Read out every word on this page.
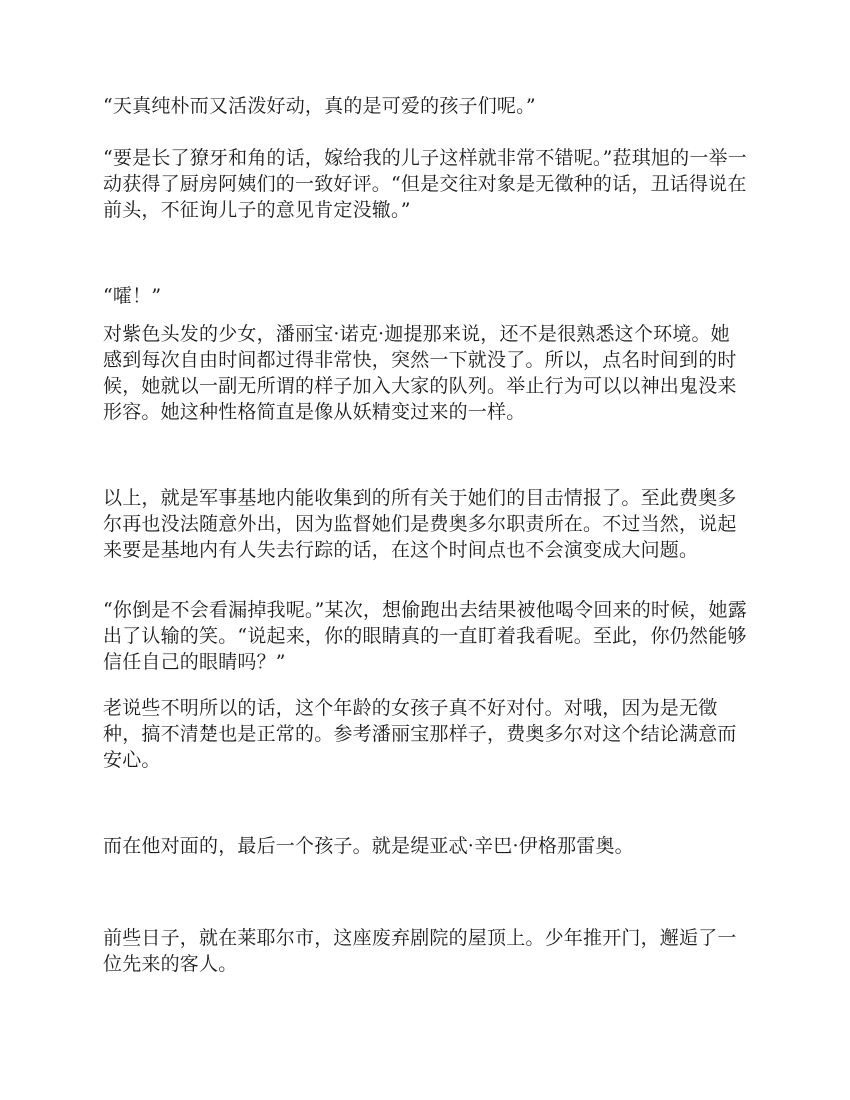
“天真纯朴而又活泼好动，真的是可爱的孩子们呢。”

“要是长了獠牙和角的话，嫁给我的儿子这样就非常不错呢。”菈琪旭的一举一动获得了厨房阿姨们的一致好评。“但是交往对象是无徵种的话，丑话得说在前头，不征询儿子的意见肯定没辙。”

“嚯！”

对紫色头发的少女，潘丽宝·诺克·迦提那来说，还不是很熟悉这个环境。她感到每次自由时间都过得非常快，突然一下就没了。所以，点名时间到的时候，她就以一副无所谓的样子加入大家的队列。举止行为可以以神出鬼没来形容。她这种性格简直是像从妖精变过来的一样。

以上，就是军事基地内能收集到的所有关于她们的目击情报了。至此费奥多尔再也没法随意外出，因为监督她们是费奥多尔职责所在。不过当然，说起来要是基地内有人失去行踪的话，在这个时间点也不会演变成大问题。

“你倒是不会看漏掉我呢。”某次，想偷跑出去结果被他喝令回来的时候，她露出了认输的笑。“说起来，你的眼睛真的一直盯着我看呢。至此，你仍然能够信任自己的眼睛吗？”

老说些不明所以的话，这个年龄的女孩子真不好对付。对哦，因为是无徵种，搞不清楚也是正常的。参考潘丽宝那样子，费奥多尔对这个结论满意而安心。

而在他对面的，最后一个孩子。就是缇亚忒·辛巴·伊格那雷奥。

前些日子，就在莱耶尔市，这座废弃剧院的屋顶上。少年推开门，邂逅了一位先来的客人。
